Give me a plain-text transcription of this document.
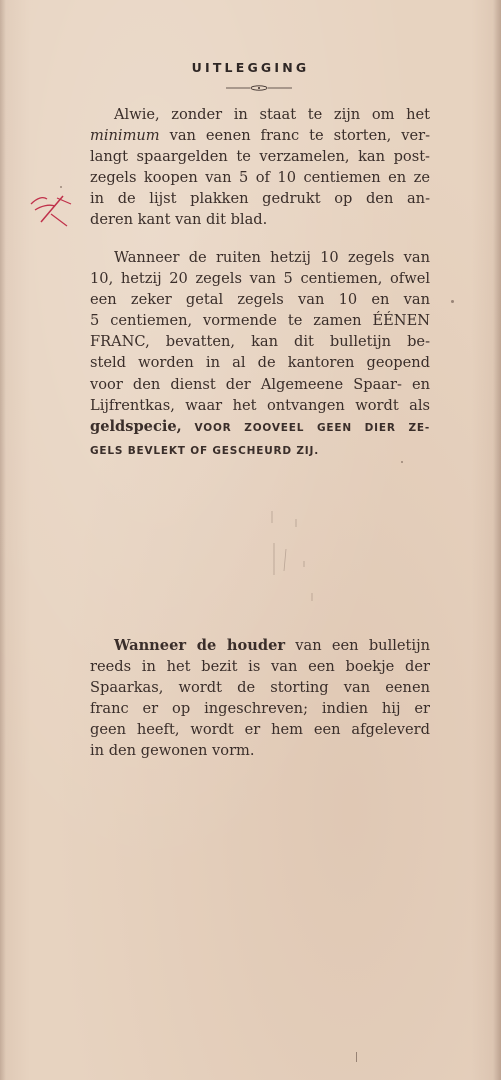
UITLEGGING
Alwie, zonder in staat te zijn om het
minimum van eenen franc te storten, ver-
langt spaargelden te verzamelen, kan post-
zegels koopen van 5 of 10 centiemen en ze
in de lijst plakken gedrukt op den an-
deren kant van dit blad.
Wanneer de ruiten hetzij 10 zegels van
10, hetzij 20 zegels van 5 centiemen, ofwel
een zeker getal zegels van 10 en van
5 centiemen, vormende te zamen ÉÉNEN
FRANC, bevatten, kan dit bulletijn be-
steld worden in al de kantoren geopend
voor den dienst der Algemeene Spaar- en
Lijfrentkas, waar het ontvangen wordt als
geldspecie, VOOR ZOOVEEL GEEN DIER ZE-
GELS BEVLEKT OF GESCHEURD ZIJ.
Wanneer de houder van een bulletijn
reeds in het bezit is van een boekje der
Spaarkas, wordt de storting van eenen
franc er op ingeschreven; indien hij er
geen heeft, wordt er hem een afgeleverd
in den gewonen vorm.
